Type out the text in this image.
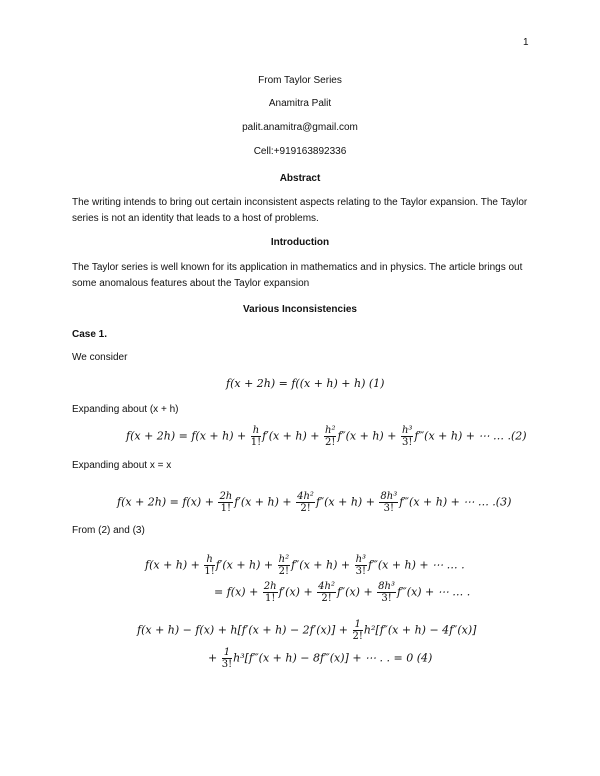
1
From Taylor Series
Anamitra Palit
palit.anamitra@gmail.com
Cell:+919163892336
Abstract
The writing intends to bring out certain inconsistent aspects relating to the Taylor expansion. The Taylor
series is not an identity that leads to a host of problems.
Introduction
The Taylor series is well known for its application in mathematics and in physics. The article brings out
some anomalous features about the Taylor expansion
Various Inconsistencies
Case 1.
We consider
f(x + 2h) = f((x + h) + h) (1)
Expanding about (x + h)
$f(x + 2h) = f(x + h) + \frac{h}{1!} f'(x + h) + \frac{\text{h²}}{2!} f''(x + h) + \frac{\text{h³}}{3!}$ f‴(x + h) + ⋯ … .(2)
Expanding about x = x
$f(x + 2h) = f(x) + \frac{2h}{1!} f'(x + h) + \frac{\text{4h²}}{2!} f''(x + h) + \frac{\text{8h³}}{3!}$ f‴(x + h) + ⋯ … .(3)
From (2) and (3)
$f(x + h) + \frac{h}{1!} f'(x + h) + \frac{\text{h²}}{2!} f''(x + h) + \frac{\text{h³}}{3!}$ f‴(x + h) + ⋯ … .
= $f(x) + \frac{2h}{1!} f'(x) + \frac{\text{4h²}}{2!} f''(x) + \frac{\text{8h³}}{3!}$ f‴(x) + ⋯ … .
$f(x + h) - f(x) + h[f'(x + h) - 2f'(x)] + \frac{1}{2!} h^2[f''(x + h) - 4f''(x)]$
+ $\frac{1}{3!}$ h³[f‴(x + h) − 8f‴(x)] + ⋯ . . = 0 (4)
